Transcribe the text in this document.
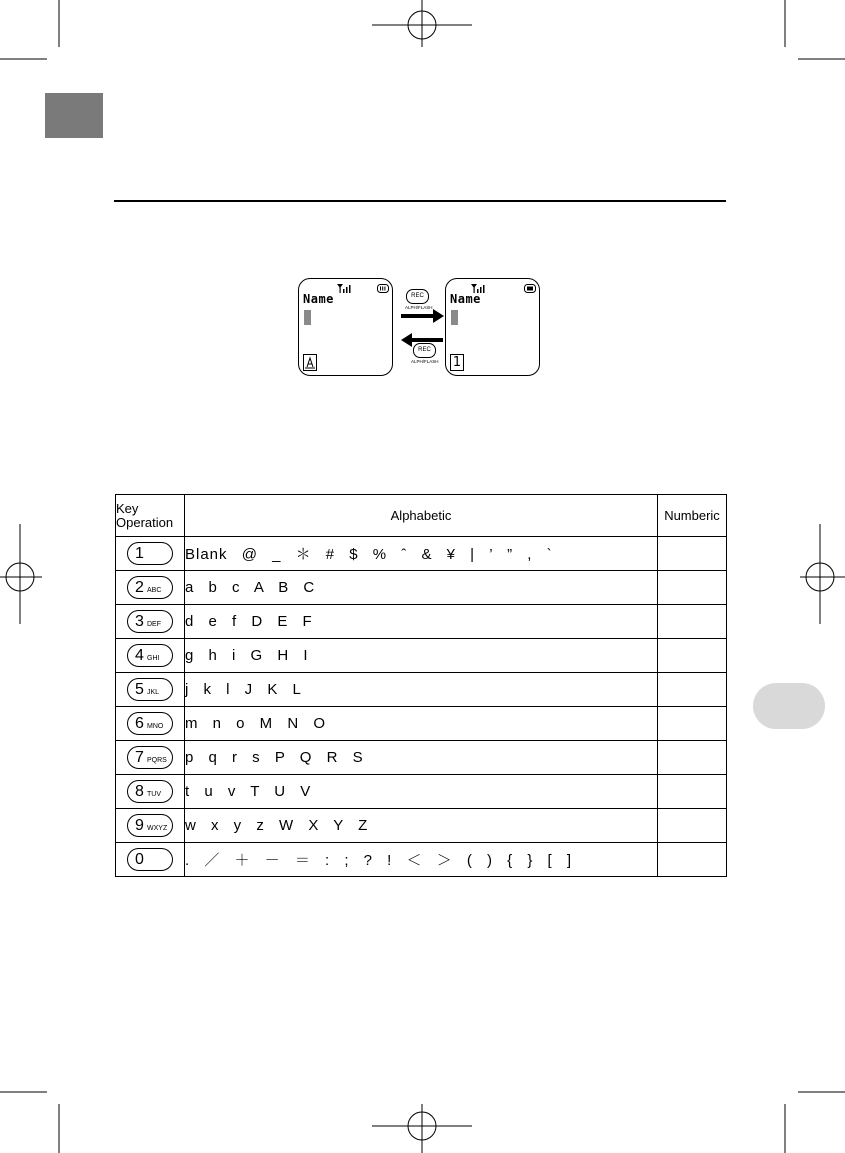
Name	Name
1
REC
ALPH/FLASH
REC
ALPH/FLASH
Key
Operation	Alphabetic	Numberic

1	Blank @ _ ＊ # $ % ˆ & ¥ | ’ ” , `	

2 ABC	a b c A B C	

3 DEF	d e f D E F	

4 GHI	g h i G H I	

5 JKL	j k l J K L	

6 MNO	m n o M N O	

7 PQRS	p q r s P Q R S	

8 TUV	t u v T U V	

9 WXYZ	w x y z W X Y Z	

0	. ／ ＋ － ＝ : ; ? ! ＜ ＞ ( ) { } [ ]	
